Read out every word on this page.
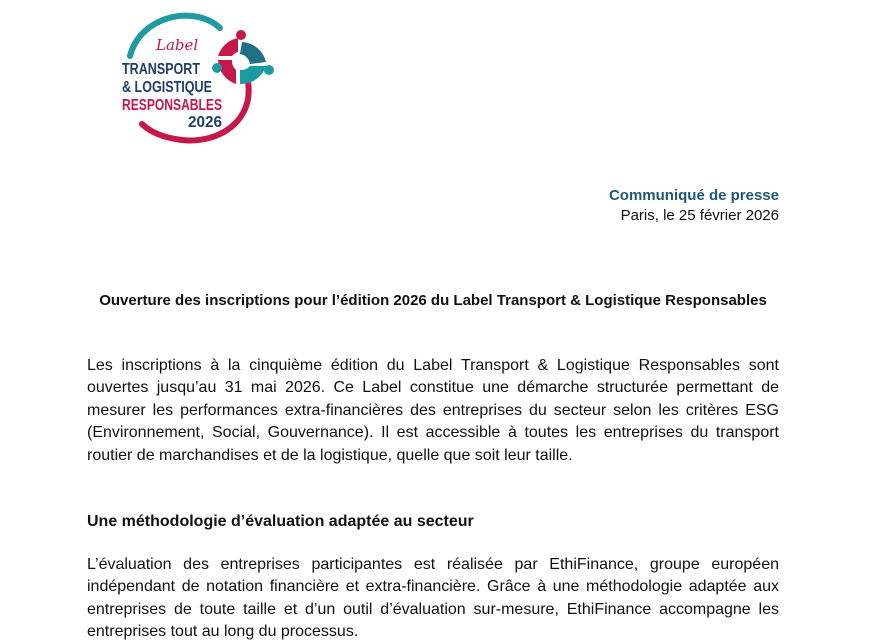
Label
TRANSPORT
& LOGISTIQUE
RESPONSABLES
2026
Communiqué de presse
Paris, le 25 février 2026
Ouverture des inscriptions pour l’édition 2026 du Label Transport & Logistique Responsables

Les inscriptions à la cinquième édition du Label Transport & Logistique Responsables sont ouvertes jusqu’au 31 mai 2026. Ce Label constitue une démarche structurée permettant de mesurer les performances extra-financières des entreprises du secteur selon les critères ESG (Environnement, Social, Gouvernance). Il est accessible à toutes les entreprises du transport routier de marchandises et de la logistique, quelle que soit leur taille.

Une méthodologie d’évaluation adaptée au secteur

L’évaluation des entreprises participantes est réalisée par EthiFinance, groupe européen indépendant de notation financière et extra-financière. Grâce à une méthodologie adaptée aux entreprises de toute taille et d’un outil d’évaluation sur-mesure, EthiFinance accompagne les entreprises tout au long du processus.
